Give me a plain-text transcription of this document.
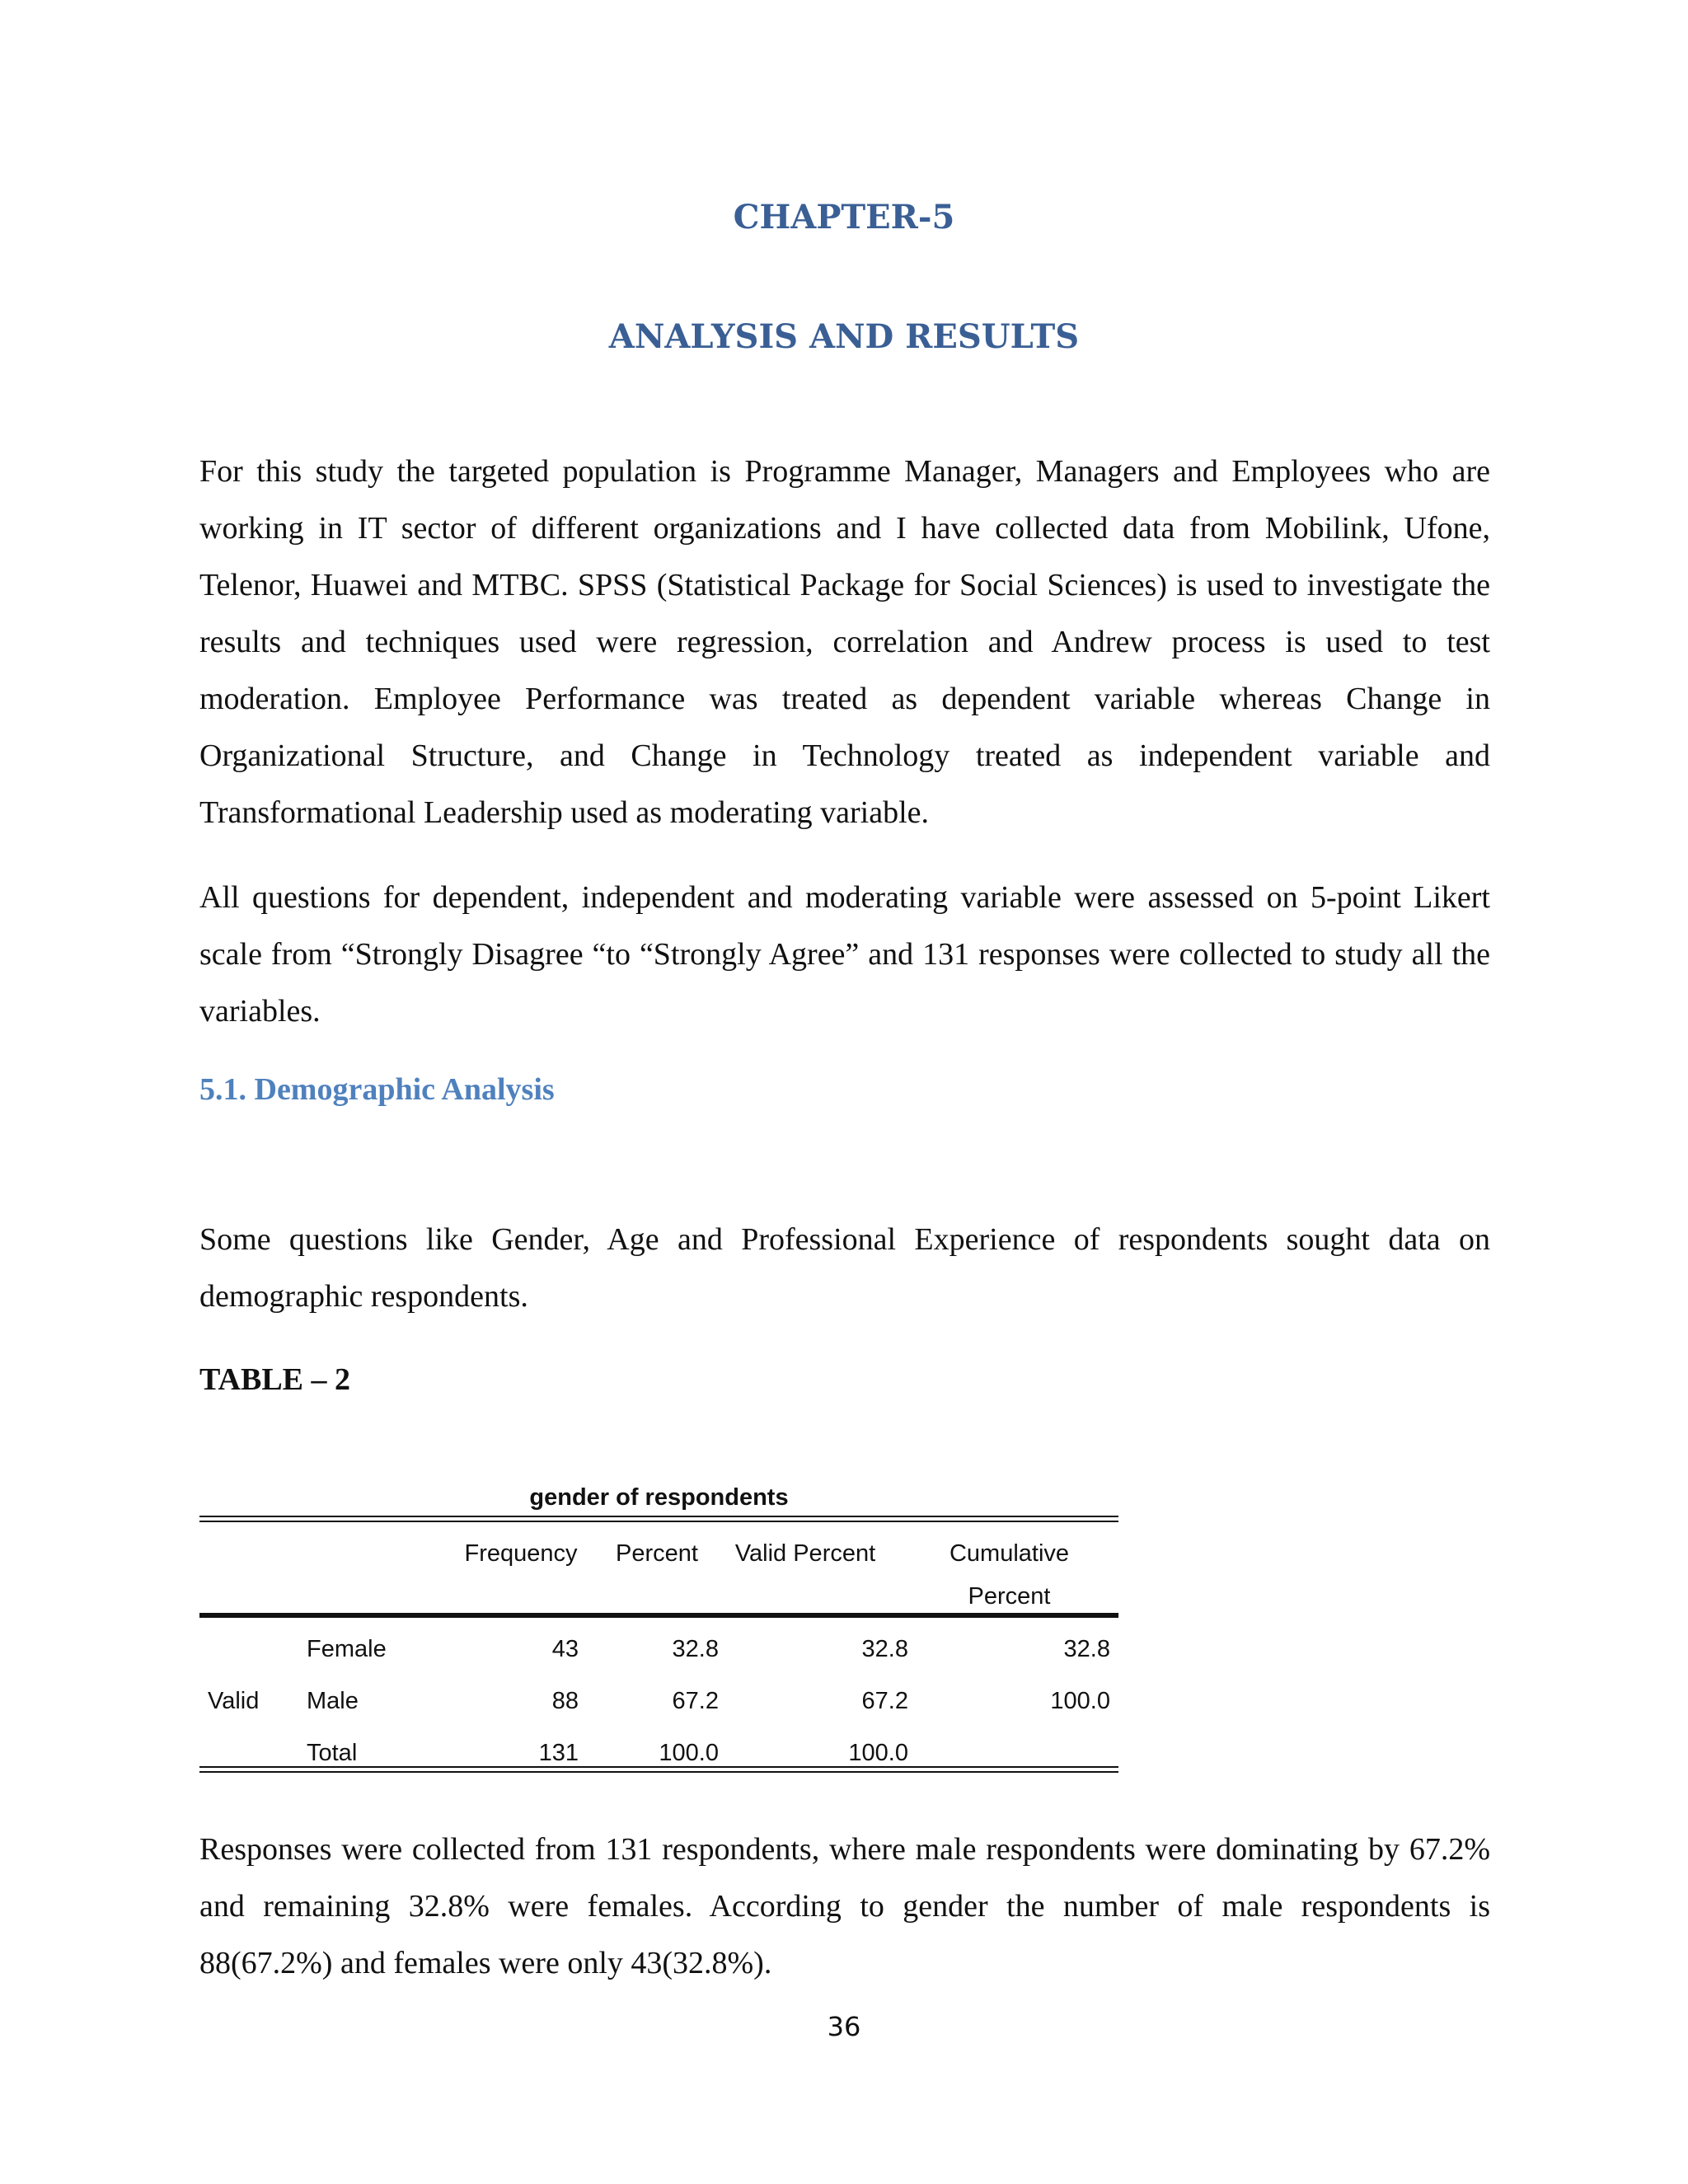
CHAPTER-5
ANALYSIS AND RESULTS

For this study the targeted population is Programme Manager, Managers and Employees who are working in IT sector of different organizations and I have collected data from Mobilink, Ufone, Telenor, Huawei and MTBC. SPSS (Statistical Package for Social Sciences) is used to investigate the results and techniques used were regression, correlation and Andrew process is used to test moderation. Employee Performance was treated as dependent variable whereas Change in Organizational Structure, and Change in Technology treated as independent variable and Transformational Leadership used as moderating variable.

All questions for dependent, independent and moderating variable were assessed on 5-point Likert scale from “Strongly Disagree “to “Strongly Agree” and 131 responses were collected to study all the variables.

5.1. Demographic Analysis

Some questions like Gender, Age and Professional Experience of respondents sought data on demographic respondents.

TABLE – 2
gender of respondents
Frequency	Percent	Valid Percent	Cumulative
Percent
Valid
Female	43	32.8	32.8	32.8
Male	88	67.2	67.2	100.0
Total	131	100.0	100.0

Responses were collected from 131 respondents, where male respondents were dominating by 67.2% and remaining 32.8% were females. According to gender the number of male respondents is 88(67.2%) and females were only 43(32.8%).

36
